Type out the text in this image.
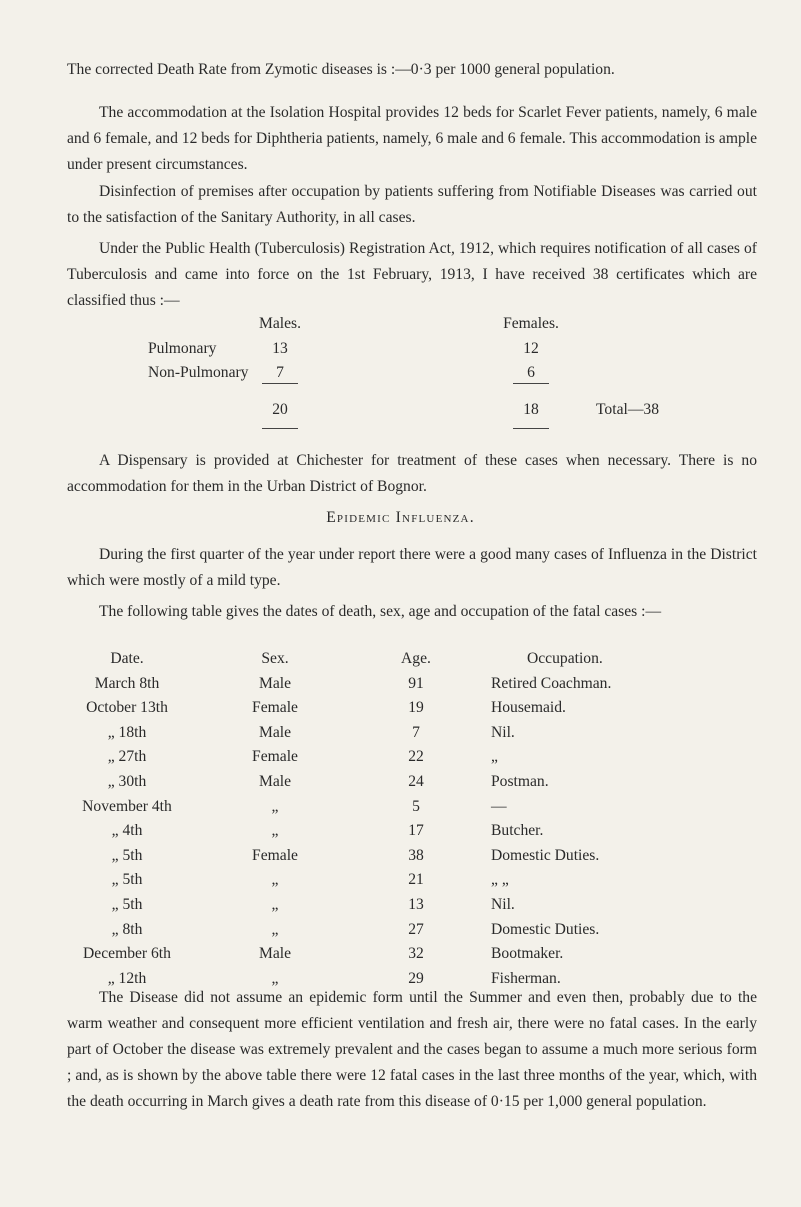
The corrected Death Rate from Zymotic diseases is :—0·3 per 1000 general population.

The accommodation at the Isolation Hospital provides 12 beds for Scarlet Fever patients, namely, 6 male and 6 female, and 12 beds for Diphtheria patients, namely, 6 male and 6 female. This accommodation is ample under present circumstances.

Disinfection of premises after occupation by patients suffering from Notifiable Diseases was carried out to the satisfaction of the Sanitary Authority, in all cases.

Under the Public Health (Tuberculosis) Registration Act, 1912, which requires notification of all cases of Tuberculosis and came into force on the 1st February, 1913, I have received 38 certificates which are classified thus :—

Males.	Females.
Pulmonary	13	12
Non-Pulmonary 7	6
20	18	Total—38

A Dispensary is provided at Chichester for treatment of these cases when necessary. There is no accommodation for them in the Urban District of Bognor.

Epidemic Influenza.

During the first quarter of the year under report there were a good many cases of Influenza in the District which were mostly of a mild type.

The following table gives the dates of death, sex, age and occupation of the fatal cases :—

Date.	Sex.	Age.	Occupation.
March 8th	Male	91	Retired Coachman.
October 13th	Female	19	Housemaid.
„ 18th	Male	7	Nil.
„ 27th	Female	22	„
„ 30th	Male	24	Postman.
November 4th	„	5	—
„ 4th	„	17	Butcher.
„ 5th	Female	38	Domestic Duties.
„ 5th	„	21	„ „
„ 5th	„	13	Nil.
„ 8th	„	27	Domestic Duties.
December 6th	Male	32	Bootmaker.
„ 12th	„	29	Fisherman.

The Disease did not assume an epidemic form until the Summer and even then, probably due to the warm weather and consequent more efficient ventilation and fresh air, there were no fatal cases. In the early part of October the disease was extremely prevalent and the cases began to assume a much more serious form ; and, as is shown by the above table there were 12 fatal cases in the last three months of the year, which, with the death occurring in March gives a death rate from this disease of 0·15 per 1,000 general population.
